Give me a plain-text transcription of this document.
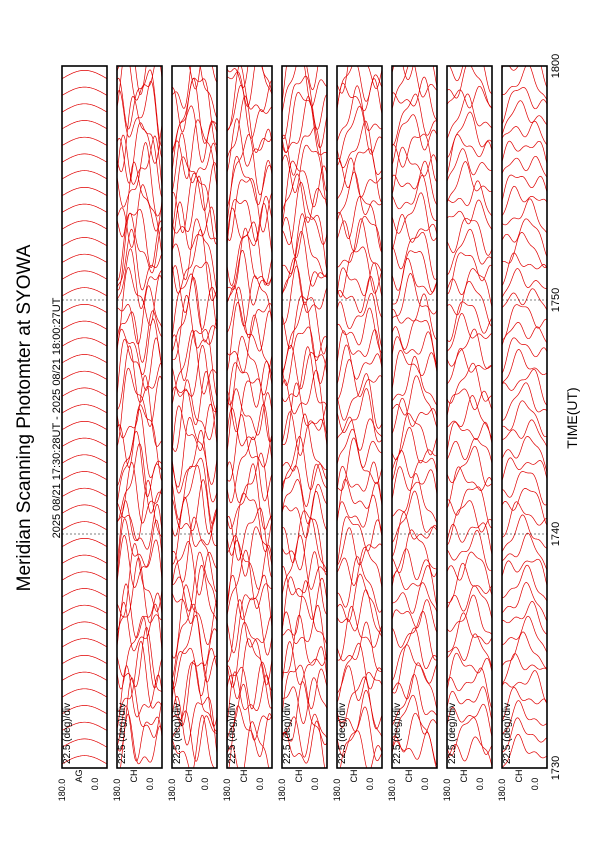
Meridian Scanning Photomter at SYOWA 2025 08/21 17:30:28UT - 2025 08/21 18:00:27UT	TIME(UT)
22.5 (deg)/div
180.0
AG
0.0
22.5 (deg)/div
180.0
CH
0.0
22.5 (deg)/div
180.0
CH
0.0
22.5 (deg)/div
180.0
CH
0.0
22.5 (deg)/div
180.0
CH
0.0
22.5 (deg)/div
180.0
CH
0.0
22.5 (deg)/div
180.0
CH
0.0
22.5 (deg)/div
180.0
CH
0.0
22.5 (deg)/div
180.0
CH
0.0
1730
1740
1750
1800
